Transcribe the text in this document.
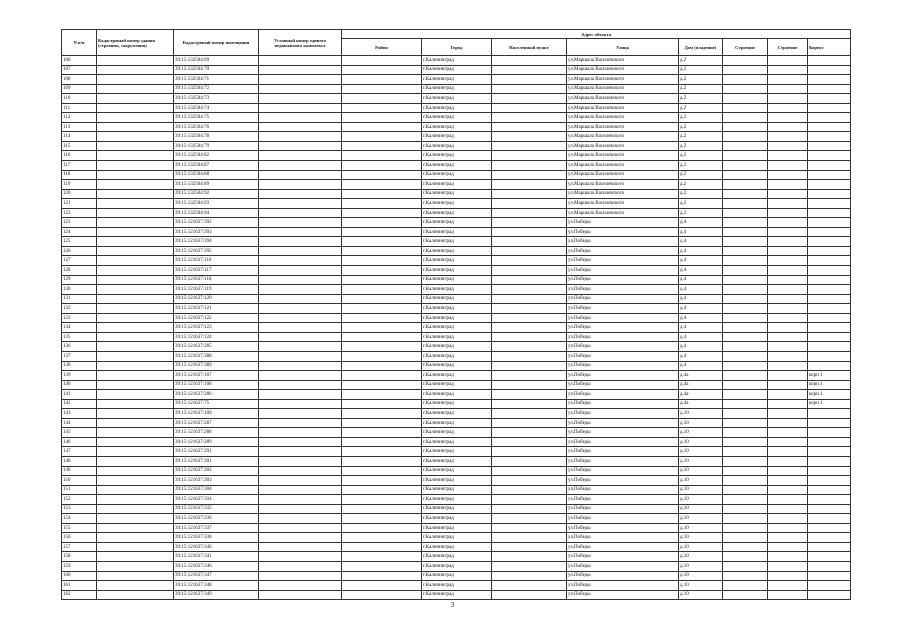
N п/п	Кадастровый номер здания (строения, сооружения)	Кадастровый номер помещения	Условный номер единого недвижимого комплекса	Адрес объекта							
				Район	Город	Населенный пункт	Улица	Дом (владение)	Строение	Строение	Корпус
106		39:15:132504:69			г.Калининград		ул.Маршала Василевского	д.2			
107		39:15:132504:70			г.Калининград		ул.Маршала Василевского	д.2			
108		39:15:132504:71			г.Калининград		ул.Маршала Василевского	д.2			
109		39:15:132504:72			г.Калининград		ул.Маршала Василевского	д.2			
110		39:15:132504:73			г.Калининград		ул.Маршала Василевского	д.2			
111		39:15:132504:74			г.Калининград		ул.Маршала Василевского	д.2			
112		39:15:132504:75			г.Калининград		ул.Маршала Василевского	д.2			
113		39:15:132504:76			г.Калининград		ул.Маршала Василевского	д.2			
114		39:15:132504:78			г.Калининград		ул.Маршала Василевского	д.2			
115		39:15:132504:79			г.Калининград		ул.Маршала Василевского	д.2			
116		39:15:132504:82			г.Калининград		ул.Маршала Василевского	д.2			
117		39:15:132504:87			г.Калининград		ул.Маршала Василевского	д.2			
118		39:15:132504:88			г.Калининград		ул.Маршала Василевского	д.2			
119		39:15:132504:89			г.Калининград		ул.Маршала Василевского	д.2			
120		39:15:132504:92			г.Калининград		ул.Маршала Василевского	д.2			
121		39:15:132504:93			г.Калининград		ул.Маршала Василевского	д.2			
122		39:15:132504:94			г.Калининград		ул.Маршала Василевского	д.2			
123		39:15:121637:392			г.Калининград		ул.Победы	д.4			
124		39:15:121637:393			г.Калининград		ул.Победы	д.4			
125		39:15:121637:394			г.Калининград		ул.Победы	д.4			
126		39:15:121637:395			г.Калининград		ул.Победы	д.4			
127		39:15:121637:116			г.Калининград		ул.Победы	д.4			
128		39:15:121637:117			г.Калининград		ул.Победы	д.4			
129		39:15:121637:118			г.Калининград		ул.Победы	д.4			
130		39:15:121637:119			г.Калининград		ул.Победы	д.4			
131		39:15:121637:120			г.Калининград		ул.Победы	д.4			
132		39:15:121637:121			г.Калининград		ул.Победы	д.4			
133		39:15:121637:122			г.Калининград		ул.Победы	д.4			
134		39:15:121637:123			г.Калининград		ул.Победы	д.4			
135		39:15:121637:124			г.Калининград		ул.Победы	д.4			
136		39:15:121637:285			г.Калининград		ул.Победы	д.4			
137		39:15:121637:388			г.Калининград		ул.Победы	д.4			
138		39:15:121637:389			г.Калининград		ул.Победы	д.4			
139		39:15:121637:107			г.Калининград		ул.Победы	д.4а			корп.1
140		39:15:121637:108			г.Калининград		ул.Победы	д.4а			корп.1
141		39:15:121637:286			г.Калининград		ул.Победы	д.4а			корп.1
142		39:15:121637:75			г.Калининград		ул.Победы	д.4а			корп.1
143		39:15:121637:109			г.Калининград		ул.Победы	д.10			
144		39:15:121637:287			г.Калининград		ул.Победы	д.10			
145		39:15:121637:288			г.Калининград		ул.Победы	д.10			
146		39:15:121637:289			г.Калининград		ул.Победы	д.10			
147		39:15:121637:291			г.Калининград		ул.Победы	д.10			
148		39:15:121637:301			г.Калининград		ул.Победы	д.10			
149		39:15:121637:302			г.Калининград		ул.Победы	д.10			
150		39:15:121637:303			г.Калининград		ул.Победы	д.10			
151		39:15:121637:304			г.Калининград		ул.Победы	д.10			
152		39:15:121637:334			г.Калининград		ул.Победы	д.10			
153		39:15:121637:335			г.Калининград		ул.Победы	д.10			
154		39:15:121637:336			г.Калининград		ул.Победы	д.10			
155		39:15:121637:337			г.Калининград		ул.Победы	д.10			
156		39:15:121637:338			г.Калининград		ул.Победы	д.10			
157		39:15:121637:340			г.Калининград		ул.Победы	д.10			
158		39:15:121637:341			г.Калининград		ул.Победы	д.10			
159		39:15:121637:346			г.Калининград		ул.Победы	д.10			
160		39:15:121637:347			г.Калининград		ул.Победы	д.10			
161		39:15:121637:348			г.Калининград		ул.Победы	д.10			
162		39:15:121637:349			г.Калининград		ул.Победы	д.10			
3
